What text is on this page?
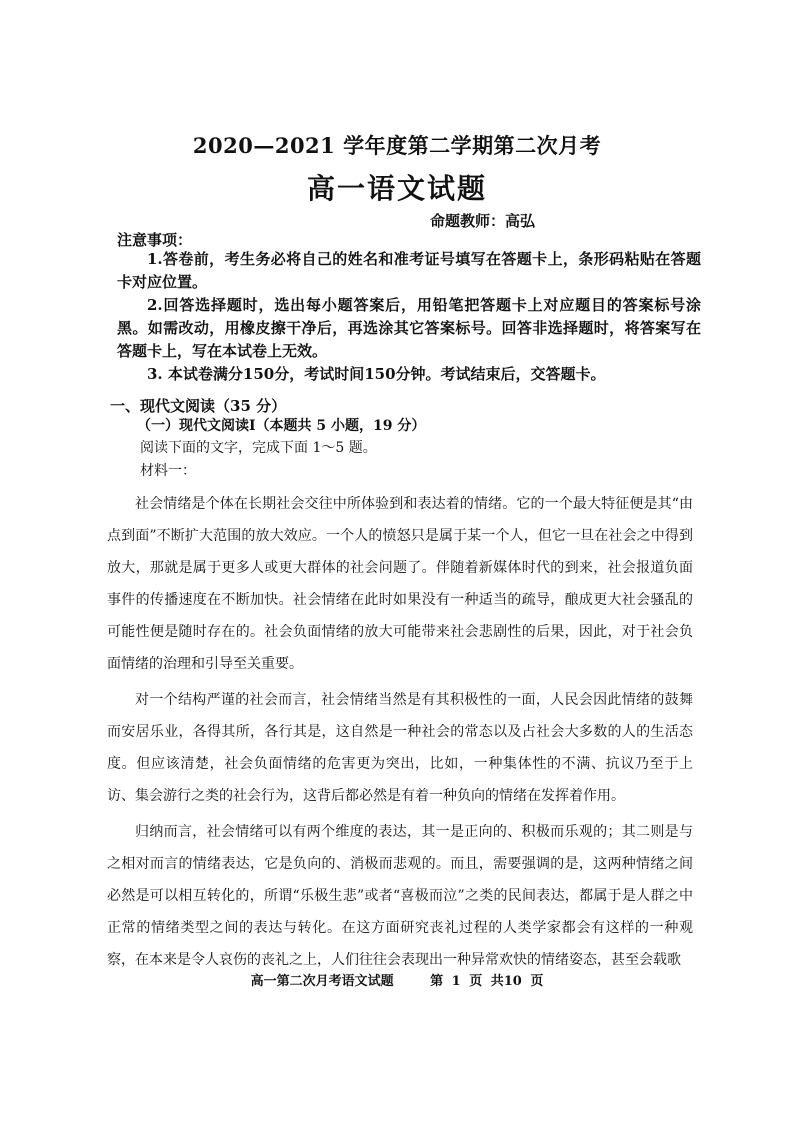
2020—2021 学年度第二学期第二次月考
高一语文试题
命题教师：高弘
注意事项：

1.答卷前，考生务必将自己的姓名和准考证号填写在答题卡上，条形码粘贴在答题卡对应位置。

2.回答选择题时，选出每小题答案后，用铅笔把答题卡上对应题目的答案标号涂黑。如需改动，用橡皮擦干净后，再选涂其它答案标号。回答非选择题时，将答案写在答题卡上，写在本试卷上无效。

3. 本试卷满分150分，考试时间150分钟。考试结束后，交答题卡。

一、现代文阅读（35 分）
（一）现代文阅读Ⅰ（本题共 5 小题，19 分）
阅读下面的文字，完成下面 1～5 题。
材料一：

社会情绪是个体在长期社会交往中所体验到和表达着的情绪。它的一个最大特征便是其“由点到面”不断扩大范围的放大效应。一个人的愤怒只是属于某一个人，但它一旦在社会之中得到放大，那就是属于更多人或更大群体的社会问题了。伴随着新媒体时代的到来，社会报道负面事件的传播速度在不断加快。社会情绪在此时如果没有一种适当的疏导，酿成更大社会骚乱的可能性便是随时存在的。社会负面情绪的放大可能带来社会悲剧性的后果，因此，对于社会负面情绪的治理和引导至关重要。

对一个结构严谨的社会而言，社会情绪当然是有其积极性的一面，人民会因此情绪的鼓舞而安居乐业，各得其所，各行其是，这自然是一种社会的常态以及占社会大多数的人的生活态度。但应该清楚，社会负面情绪的危害更为突出，比如，一种集体性的不满、抗议乃至于上访、集会游行之类的社会行为，这背后都必然是有着一种负向的情绪在发挥着作用。

归纳而言，社会情绪可以有两个维度的表达，其一是正向的、积极而乐观的；其二则是与之相对而言的情绪表达，它是负向的、消极而悲观的。而且，需要强调的是，这两种情绪之间必然是可以相互转化的，所谓“乐极生悲”或者“喜极而泣”之类的民间表达，都属于是人群之中正常的情绪类型之间的表达与转化。在这方面研究丧礼过程的人类学家都会有这样的一种观察，在本来是令人哀伤的丧礼之上，人们往往会表现出一种异常欢快的情绪姿态，甚至会载歌

高一第二次月考语文试题	第 1 页 共10 页
